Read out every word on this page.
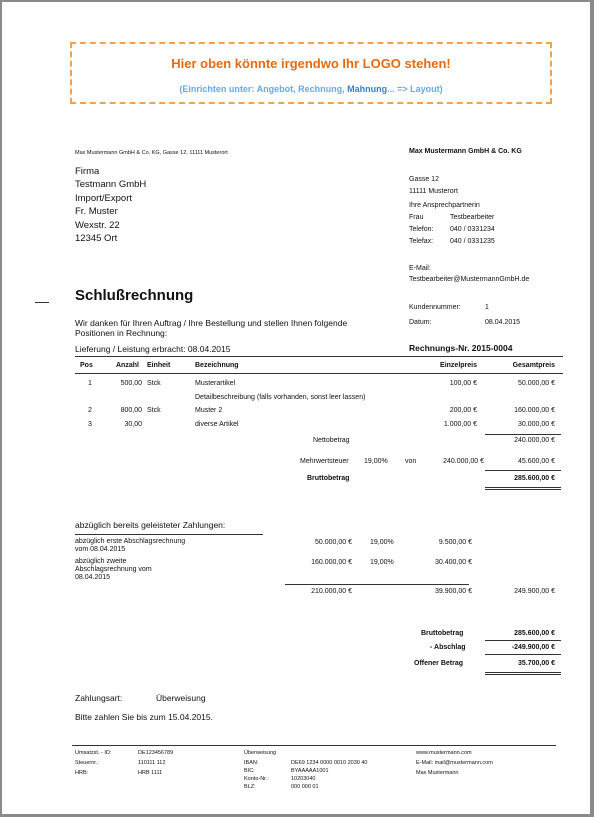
Hier oben könnte irgendwo Ihr LOGO stehen!
(Einrichten unter: Angebot, Rechnung, Mahnung... => Layout)
Max Mustermann GmbH & Co. KG, Gasse 12, 11111 Musterort
Firma
Testmann GmbH
Import/Export
Fr. Muster
Wexstr. 22
12345 Ort
Max Mustermann GmbH & Co. KG
Gasse 12
11111 Musterort
Ihre Ansprechpartnerin
Frau	Testbearbeiter
Telefon: 040 / 0331234
Telefax: 040 / 0331235
E-Mail:
Testbearbeiter@MustermannGmbH.de
Schlußrechnung
Kundennummer:	1
Datum:	08.04.2015
Wir danken für Ihren Auftrag / Ihre Bestellung und stellen Ihnen folgende
Positionen in Rechnung:
Lieferung / Leistung erbracht: 08.04.2015	Rechnungs-Nr. 2015-0004
Pos	Anzahl Einheit	Bezeichnung	Einzelpreis	Gesamtpreis
1	500,00 Stck	Musterartikel	100,00 €	50.000,00 €
Detailbeschreibung (falls vorhanden, sonst leer lassen)
2	800,00 Stck	Muster 2	200,00 €	160.000,00 €
3	30,00	diverse Artikel	1.000,00 €	30.000,00 €
Nettobetrag	240.000,00 €
Mehrwertsteuer 19,00% von	240.000,00 €	45.600,00 €
Bruttobetrag	285.600,00 €
abzüglich bereits geleisteter Zahlungen:
abzüglich erste Abschlagsrechnung
vom 08.04.2015
50.000,00 €	19,00%	9.500,00 €
abzüglich zweite
Abschlagsrechnung vom
08.04.2015
160.000,00 €	19,00%	30.400,00 €
210.000,00 €	39.900,00 €	249.900,00 €
Bruttobetrag	285.600,00 €
- Abschlag	-249.900,00 €
Offener Betrag	35.700,00 €
Zahlungsart:	Überweisung
Bitte zahlen Sie bis zum 15.04.2015.
Umsatzst. - ID:	DE123456789
Steuernr.:	110111 112
HRB:	HRB 1111
Überweisung
IBAN:	DE69 1234 0000 0010 2030 40
BIC:	BYAAAAA1001
Konto-Nr.:	10203040
BLZ:	000 000 01
www.mustermann.com
E-Mail: mail@mustermann.com
Max Mustermann
